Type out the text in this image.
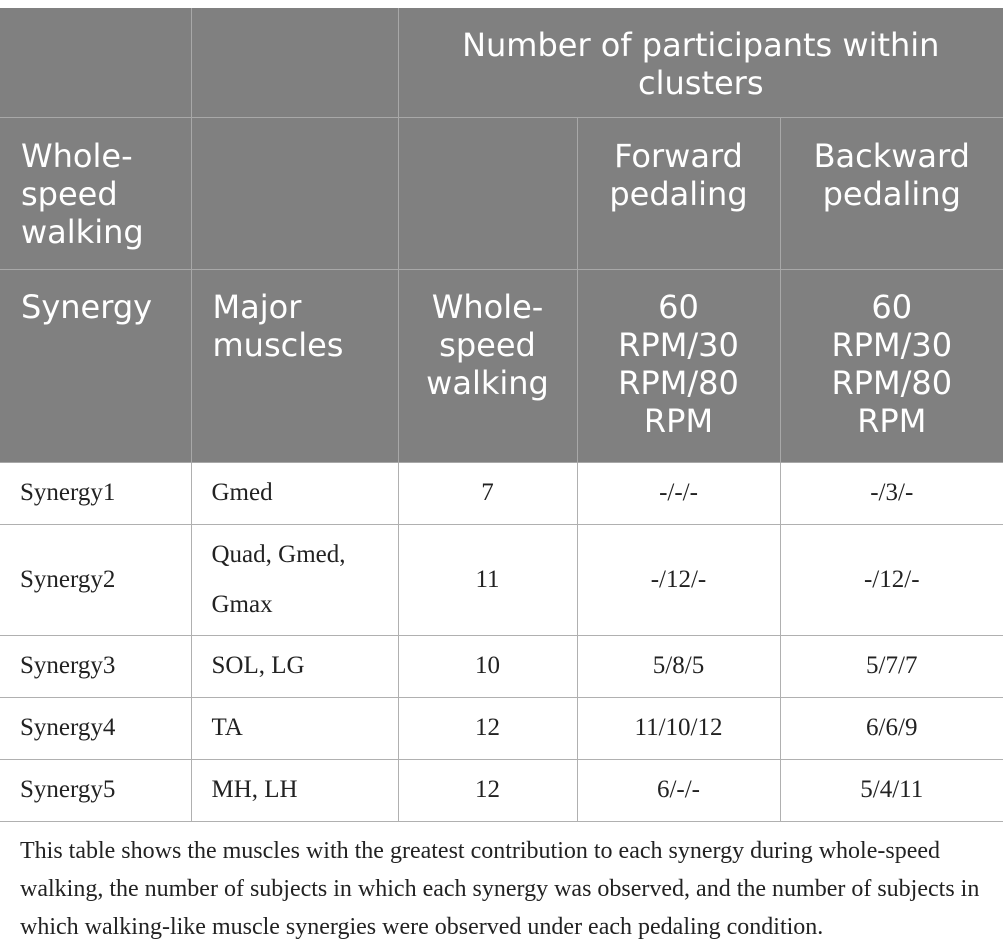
		Number of participants within clusters		
Whole-speed walking			Forward pedaling	Backward pedaling
Synergy	Major muscles	Whole-speed walking	60 RPM/30 RPM/80 RPM	60 RPM/30 RPM/80 RPM
Synergy1	Gmed	7	-/-/-	-/3/-
Synergy2	Quad, Gmed, Gmax	11	-/12/-	-/12/-
Synergy3	SOL, LG	10	5/8/5	5/7/7
Synergy4	TA	12	11/10/12	6/6/9
Synergy5	MH, LH	12	6/-/-	5/4/11

This table shows the muscles with the greatest contribution to each synergy during whole-speed walking, the number of subjects in which each synergy was observed, and the number of subjects in which walking-like muscle synergies were observed under each pedaling condition.
